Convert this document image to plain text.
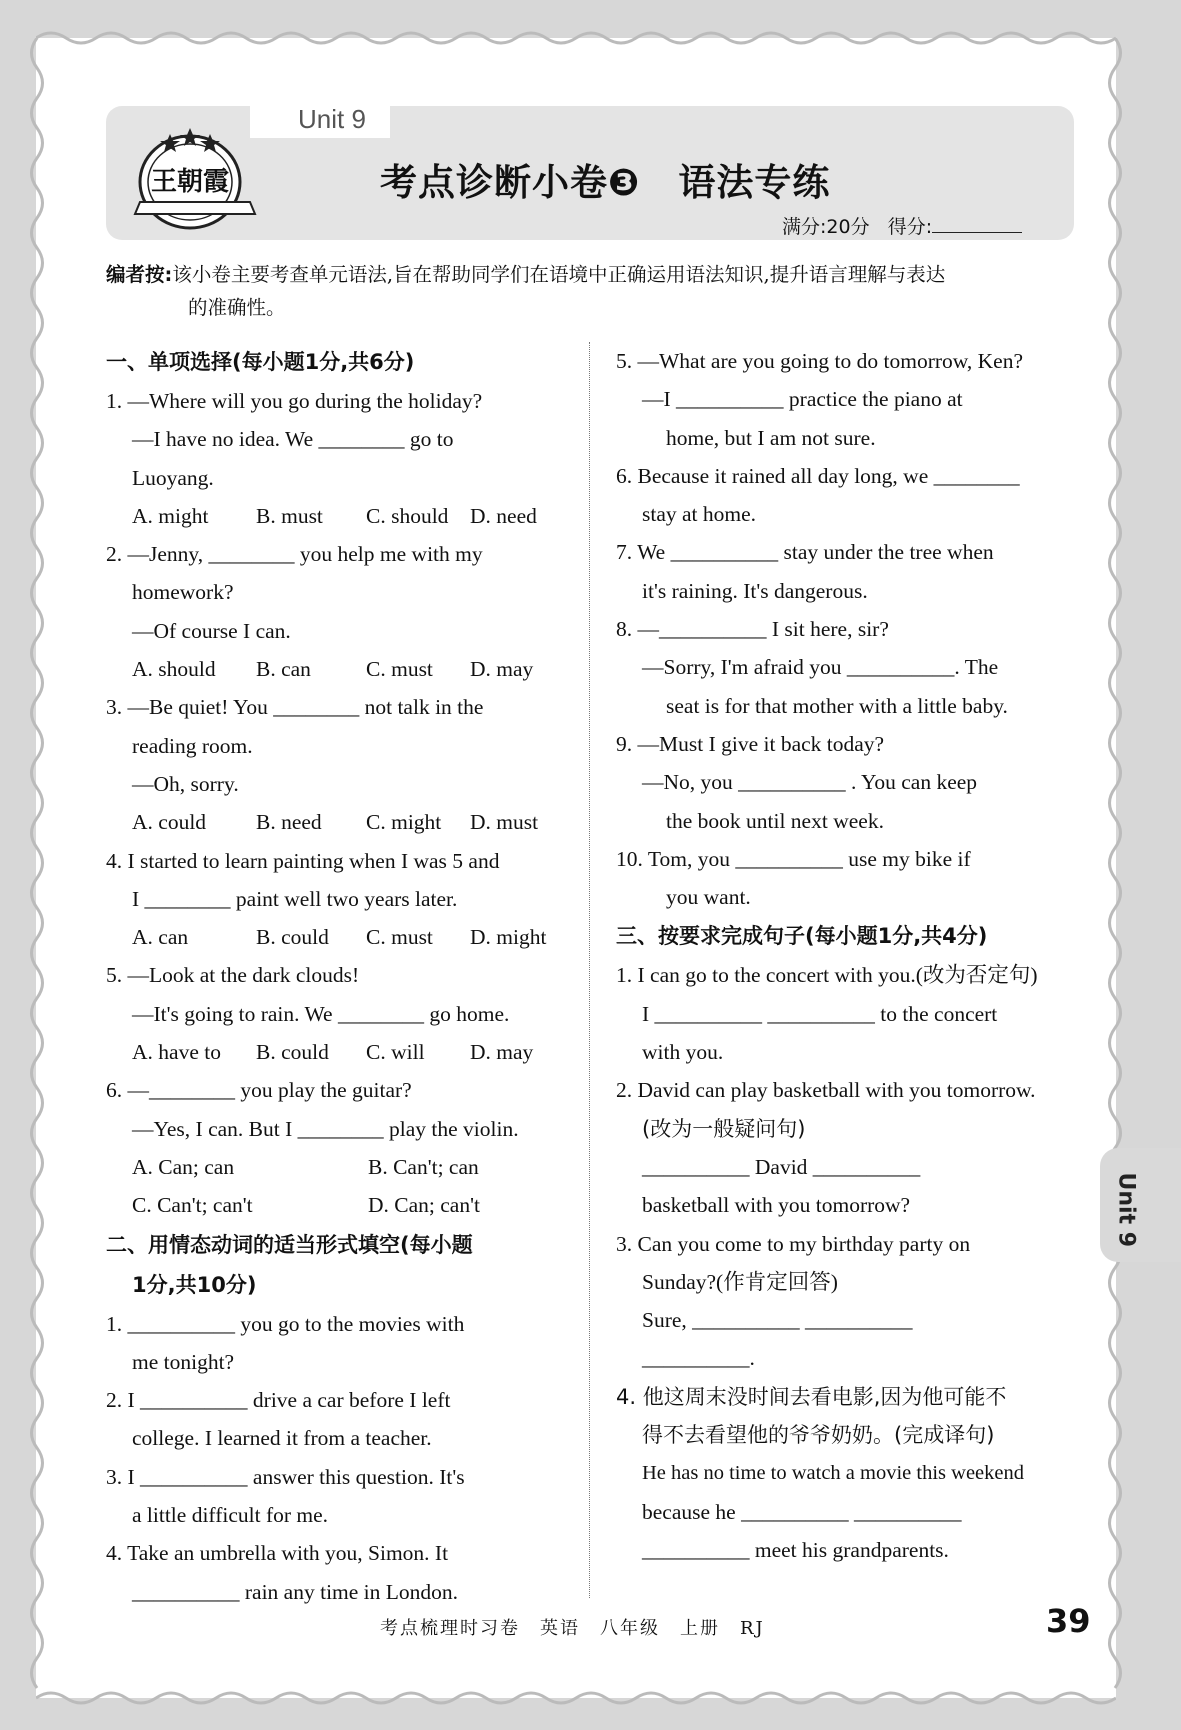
Unit 9
王朝霞	考点诊断小卷❸　语法专练
满分:20分 得分:
编者按:该小卷主要考查单元语法,旨在帮助同学们在语境中正确运用语法知识,提升语言理解与表达
的准确性。
一、单项选择(每小题1分,共6分)
1. —Where will you go during the holiday?
—I have no idea. We ________ go to
Luoyang.
A. might	B. must	C. should	D. need
2. —Jenny, ________ you help me with my
homework?
—Of course I can.
A. should	B. can	C. must	D. may
3. —Be quiet! You ________ not talk in the
reading room.
—Oh, sorry.
A. could	B. need	C. might	D. must
4. I started to learn painting when I was 5 and
I ________ paint well two years later.
A. can	B. could	C. must	D. might
5. —Look at the dark clouds!
—It's going to rain. We ________ go home.
A. have to	B. could	C. will	D. may
6. —________ you play the guitar?
—Yes, I can. But I ________ play the violin.
A. Can; can	B. Can't; can
C. Can't; can't	D. Can; can't
二、用情态动词的适当形式填空(每小题
1分,共10分)
1. __________ you go to the movies with
me tonight?
2. I __________ drive a car before I left
college. I learned it from a teacher.
3. I __________ answer this question. It's
a little difficult for me.
4. Take an umbrella with you, Simon. It
__________ rain any time in London.
5. —What are you going to do tomorrow, Ken?
—I __________ practice the piano at
home, but I am not sure.
6. Because it rained all day long, we ________
stay at home.
7. We __________ stay under the tree when
it's raining. It's dangerous.
8. —__________ I sit here, sir?
—Sorry, I'm afraid you __________. The
seat is for that mother with a little baby.
9. —Must I give it back today?
—No, you __________ . You can keep
the book until next week.
10. Tom, you __________ use my bike if
you want.
三、按要求完成句子(每小题1分,共4分)
1. I can go to the concert with you.(改为否定句)
I __________ __________ to the concert
with you.
2. David can play basketball with you tomorrow.
(改为一般疑问句)
__________ David __________
basketball with you tomorrow?
3. Can you come to my birthday party on
Sunday?(作肯定回答)
Sure, __________ __________
__________.
4. 他这周末没时间去看电影,因为他可能不
得不去看望他的爷爷奶奶。(完成译句)
He has no time to watch a movie this weekend
because he __________ __________
__________ meet his grandparents.
Unit 9
考点梳理时习卷　英语　八年级　上册　RJ	39
